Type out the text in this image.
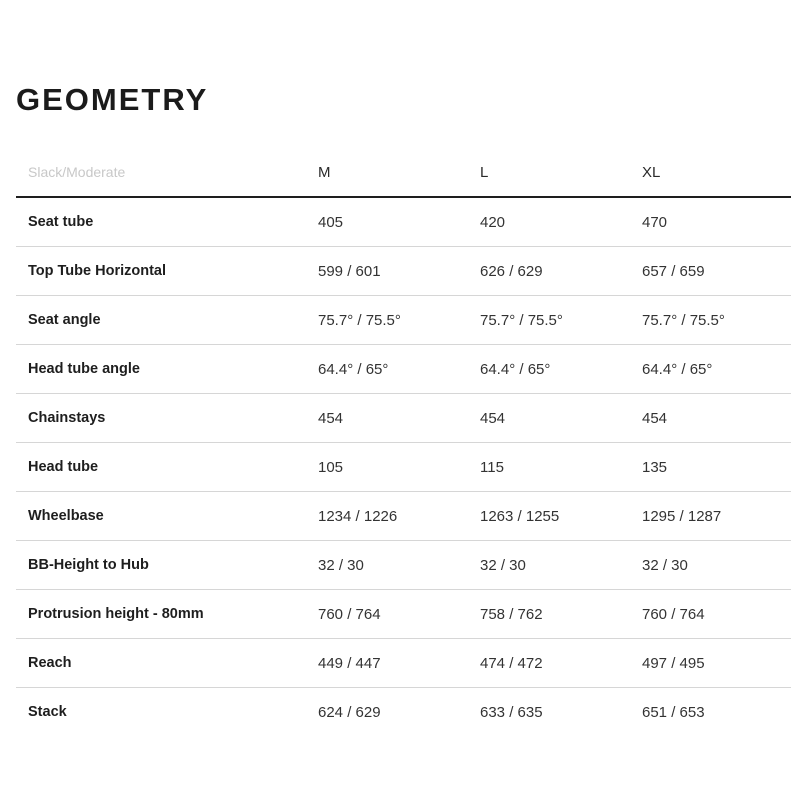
GEOMETRY
Slack/Moderate	M	L	XL
Seat tube	405	420	470
Top Tube Horizontal	599 / 601	626 / 629	657 / 659
Seat angle	75.7° / 75.5°	75.7° / 75.5°	75.7° / 75.5°
Head tube angle	64.4° / 65°	64.4° / 65°	64.4° / 65°
Chainstays	454	454	454
Head tube	105	115	135
Wheelbase	1234 / 1226	1263 / 1255	1295 / 1287
BB-Height to Hub	32 / 30	32 / 30	32 / 30
Protrusion height - 80mm	760 / 764	758 / 762	760 / 764
Reach	449 / 447	474 / 472	497 / 495
Stack	624 / 629	633 / 635	651 / 653
